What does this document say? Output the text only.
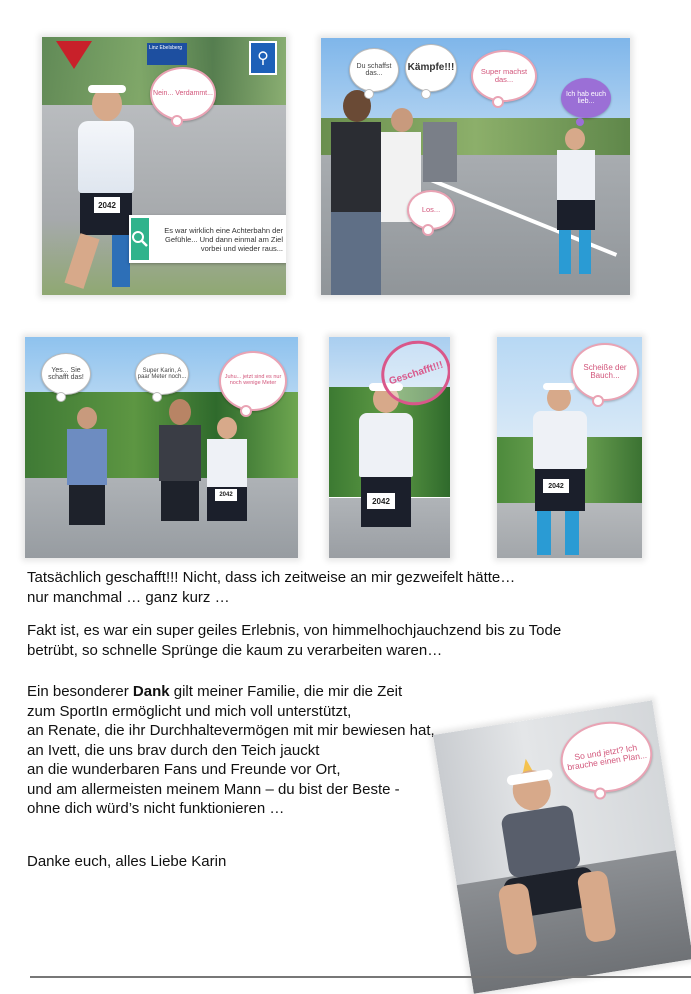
Linz Ebelsberg
⚲
2042
Nein... Verdammt...
Es war wirklich eine Achterbahn der Gefühle... Und dann einmal am Ziel vorbei und wieder raus...
Du schaffst das...
Kämpfe!!!	Super machst das...
Ich hab euch lieb...
Los...
2042
Yes... Sie schafft das!
Super Karin, A paar Meter noch...	Juhu... jetzt sind es nur noch wenige Meter
2042
Geschafft!!!
2042
Scheiße der Bauch...

Tatsächlich geschafft!!! Nicht, dass ich zeitweise an mir gezweifelt hätte…

nur manchmal … ganz kurz …

Fakt ist, es war ein super geiles Erlebnis, von himmelhochjauchzend bis zu Tode

betrübt, so schnelle Sprünge die kaum zu verarbeiten waren…

Ein besonderer Dank gilt meiner Familie, die mir die Zeit

zum SportIn ermöglicht und mich voll unterstützt,

an Renate, die ihr Durchhaltevermögen mit mir bewiesen hat,

an Ivett, die uns brav durch den Teich jauckt

an die wunderbaren Fans und Freunde vor Ort,

und am allermeisten meinem Mann – du bist der Beste -

ohne dich würd’s nicht funktionieren …

Danke euch, alles Liebe Karin

So und jetzt? Ich brauche einen Plan...
